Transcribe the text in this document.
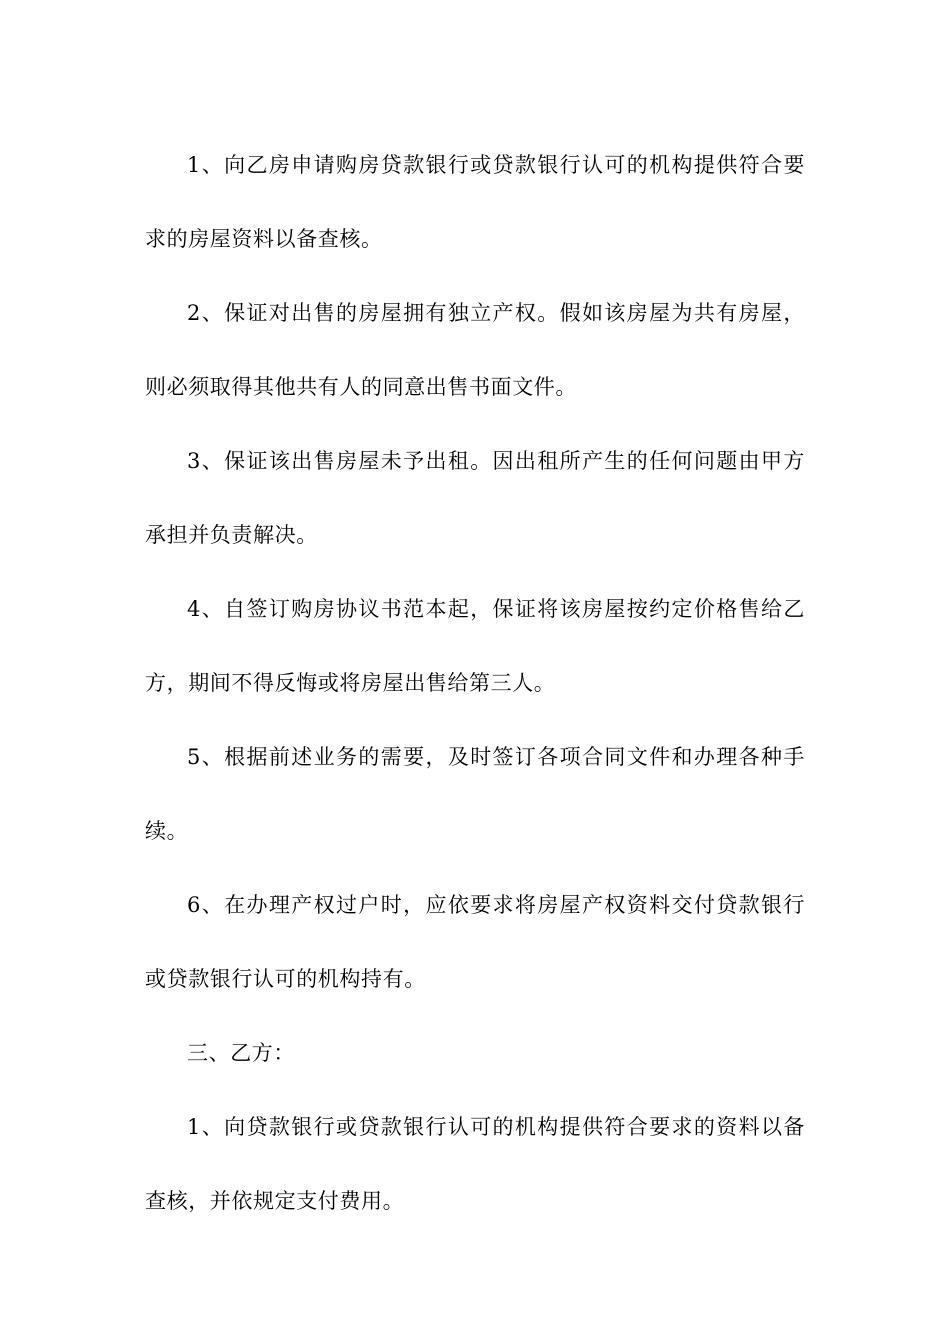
1、向乙房申请购房贷款银行或贷款银行认可的机构提供符合要求的房屋资料以备查核。

2、保证对出售的房屋拥有独立产权。假如该房屋为共有房屋，则必须取得其他共有人的同意出售书面文件。

3、保证该出售房屋未予出租。因出租所产生的任何问题由甲方承担并负责解决。

4、自签订购房协议书范本起，保证将该房屋按约定价格售给乙方，期间不得反悔或将房屋出售给第三人。

5、根据前述业务的需要，及时签订各项合同文件和办理各种手续。

6、在办理产权过户时，应依要求将房屋产权资料交付贷款银行或贷款银行认可的机构持有。

三、乙方：

1、向贷款银行或贷款银行认可的机构提供符合要求的资料以备查核，并依规定支付费用。
